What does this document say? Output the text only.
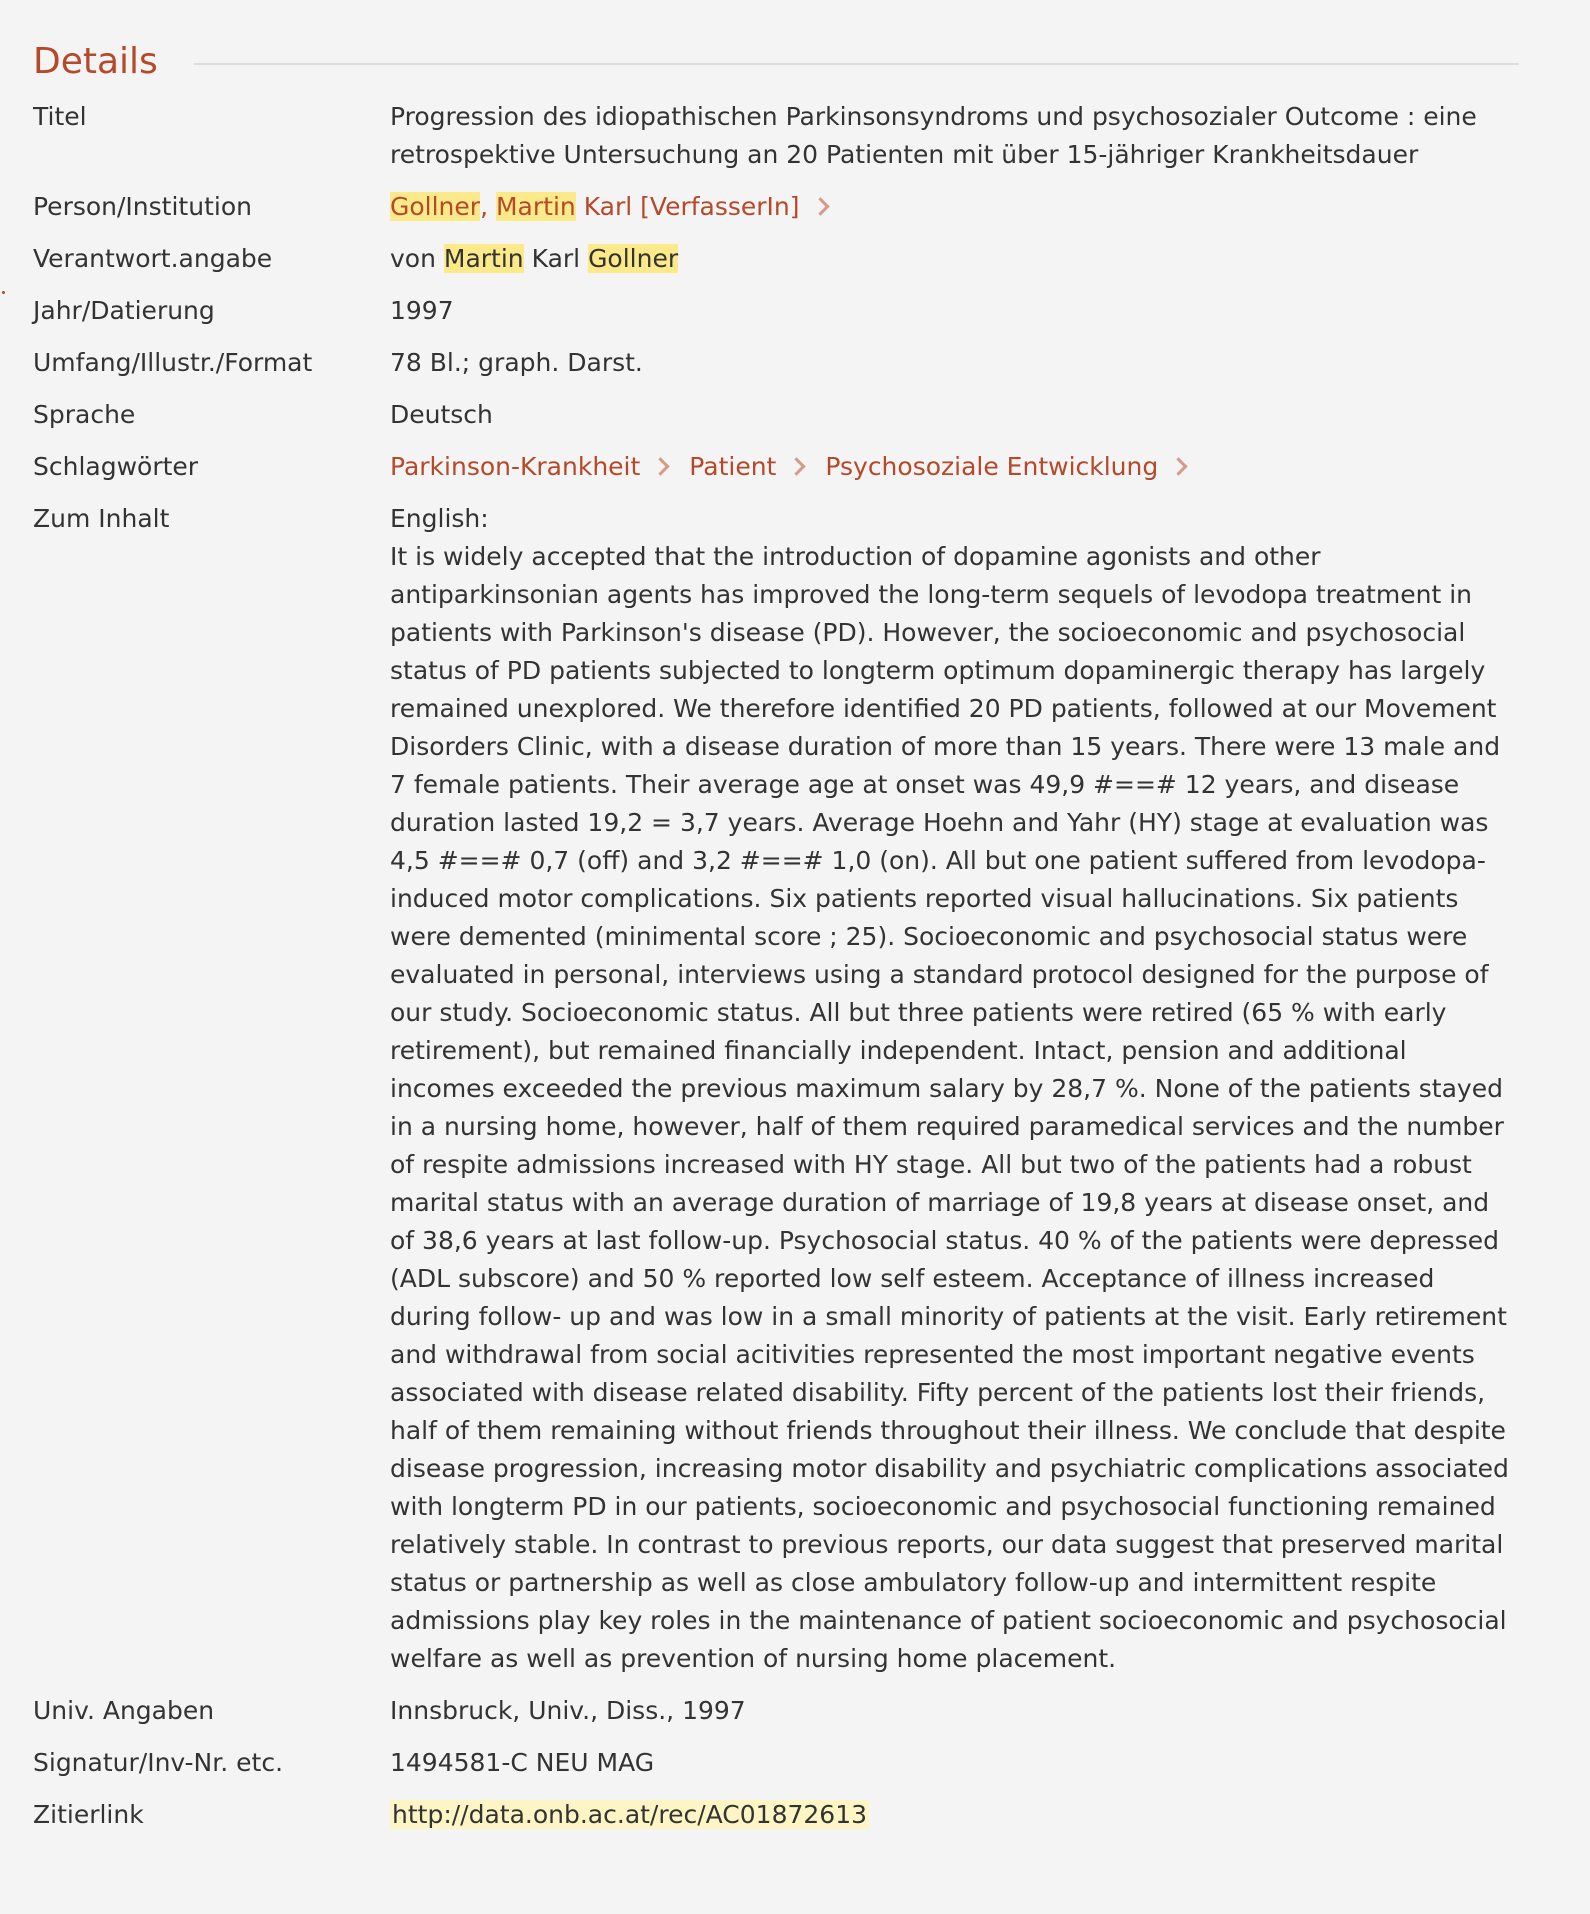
Details
Titel	Progression des idiopathischen Parkinsonsyndroms und psychosozialer Outcome : eine retrospektive Untersuchung an 20 Patienten mit über 15-jähriger Krankheitsdauer
Person/Institution	Gollner, Martin Karl [VerfasserIn]
Verantwort.angabe	von Martin Karl Gollner
Jahr/Datierung	1997
Umfang/Illustr./Format	78 Bl.; graph. Darst.
Sprache	Deutsch
Schlagwörter	Parkinson-Krankheit Patient Psychosoziale Entwicklung
Zum Inhalt	English:

It is widely accepted that the introduction of dopamine agonists and other antiparkinsonian agents has improved the long-term sequels of levodopa treatment in patients with Parkinson's disease (PD). However, the socioeconomic and psychosocial status of PD patients subjected to longterm optimum dopaminergic therapy has largely remained unexplored. We therefore identified 20 PD patients, followed at our Movement Disorders Clinic, with a disease duration of more than 15 years. There were 13 male and 7 female patients. Their average age at onset was 49,9 #==# 12 years, and disease duration lasted 19,2 = 3,7 years. Average Hoehn and Yahr (HY) stage at evaluation was 4,5 #==# 0,7 (off) and 3,2 #==# 1,0 (on). All but one patient suffered from levodopa-induced motor complications. Six patients reported visual hallucinations. Six patients were demented (minimental score ; 25). Socioeconomic and psychosocial status were evaluated in personal, interviews using a standard protocol designed for the purpose of our study. Socioeconomic status. All but three patients were retired (65 % with early retirement), but remained financially independent. Intact, pension and additional incomes exceeded the previous maximum salary by 28,7 %. None of the patients stayed in a nursing home, however, half of them required paramedical services and the number of respite admissions increased with HY stage. All but two of the patients had a robust marital status with an average duration of marriage of 19,8 years at disease onset, and of 38,6 years at last follow-up. Psychosocial status. 40 % of the patients were depressed (ADL subscore) and 50 % reported low self esteem. Acceptance of illness increased during follow- up and was low in a small minority of patients at the visit. Early retirement and withdrawal from social acitivities represented the most important negative events associated with disease related disability. Fifty percent of the patients lost their friends, half of them remaining without friends throughout their illness. We conclude that despite disease progression, increasing motor disability and psychiatric complications associated with longterm PD in our patients, socioeconomic and psychosocial functioning remained relatively stable. In contrast to previous reports, our data suggest that preserved marital status or partnership as well as close ambulatory follow-up and intermittent respite admissions play key roles in the maintenance of patient socioeconomic and psychosocial welfare as well as prevention of nursing home placement.

Univ. Angaben	Innsbruck, Univ., Diss., 1997
Signatur/Inv-Nr. etc.	1494581-C NEU MAG
Zitierlink	http://data.onb.ac.at/rec/AC01872613
